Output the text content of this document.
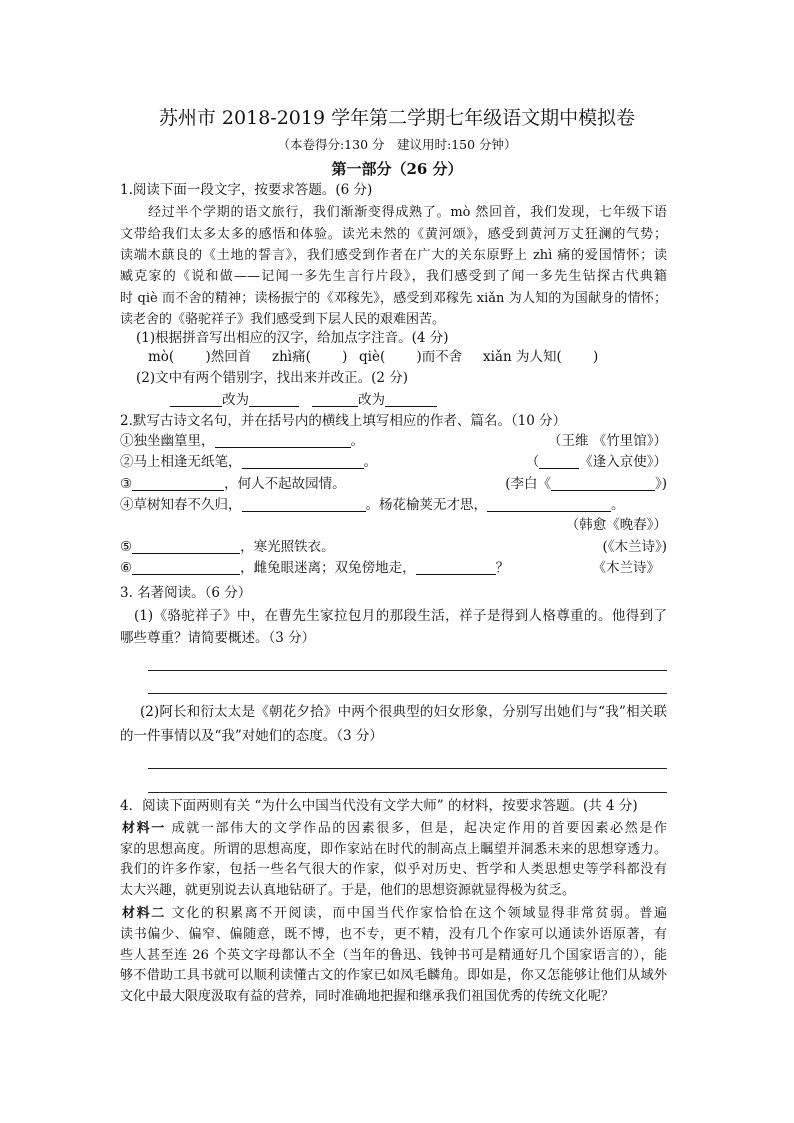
苏州市 2018-2019 学年第二学期七年级语文期中模拟卷
（本卷得分:130 分　建议用时:150 分钟）
第一部分（26 分）
1.阅读下面一段文字，按要求答题。(6 分)
经过半个学期的语文旅行，我们渐渐变得成熟了。mò 然回首，我们发现，七年级下语
文带给我们太多太多的感悟和体验。读光未然的《黄河颂》，感受到黄河万丈狂澜的气势；
读端木蕻良的《土地的誓言》，我们感受到作者在广大的关东原野上 zhì 痛的爱国情怀；读
臧克家的《说和做——记闻一多先生言行片段》，我们感受到了闻一多先生钻探古代典籍
时 qiè 而不舍的精神；读杨振宁的《邓稼先》，感受到邓稼先 xiǎn 为人知的为国献身的情怀；
读老舍的《骆驼祥子》我们感受到下层人民的艰难困苦。
(1)根据拼音写出相应的汉字，给加点字注音。(4 分)
mò(　　 )然回首 zhì痛(　　 ) qiè(　　 )而不舍 xiǎn 为人知(　　 )
(2)文中有两个错别字，找出来并改正。(2 分)
改为	改为
2.默写古诗文名句，并在括号内的横线上填写相应的作者、篇名。（10 分）
①独坐幽篁里，	。	（王维 《竹里馆》）
②马上相逢无纸笔，	。	（	《逢入京使》）
③	，何人不起故园情。	(李白《	》)
④草树知春不久归，	。杨花榆荚无才思，	。
（韩愈《晚春》）
⑤	，寒光照铁衣。	(《木兰诗》)
⑥	，雌兔眼迷离；双兔傍地走，	？	《木兰诗》
3. 名著阅读。（6 分）
(1)《骆驼祥子》中，在曹先生家拉包月的那段生活，祥子是得到人格尊重的。他得到了
哪些尊重？请简要概述。（3 分）
(2)阿长和衍太太是《朝花夕拾》中两个很典型的妇女形象，分别写出她们与“我”相关联
的一件事情以及“我”对她们的态度。（3 分）
4．阅读下面两则有关 “为什么中国当代没有文学大师” 的材料，按要求答题。(共 4 分)
材料一 成就一部伟大的文学作品的因素很多，但是，起决定作用的首要因素必然是作
家的思想高度。所谓的思想高度，即作家站在时代的制高点上瞩望并洞悉未来的思想穿透力。
我们的许多作家，包括一些名气很大的作家，似乎对历史、哲学和人类思想史等学科都没有
太大兴趣，就更别说去认真地钻研了。于是，他们的思想资源就显得极为贫乏。
材料二 文化的积累离不开阅读，而中国当代作家恰恰在这个领域显得非常贫弱。普遍
读书偏少、偏窄、偏随意，既不博，也不专，更不精，没有几个作家可以通读外语原著，有
些人甚至连 26 个英文字母都认不全（当年的鲁迅、钱钟书可是精通好几个国家语言的），能
够不借助工具书就可以顺利读懂古文的作家已如凤毛麟角。即如是，你又怎能够让他们从域外
文化中最大限度汲取有益的营养，同时准确地把握和继承我们祖国优秀的传统文化呢？
